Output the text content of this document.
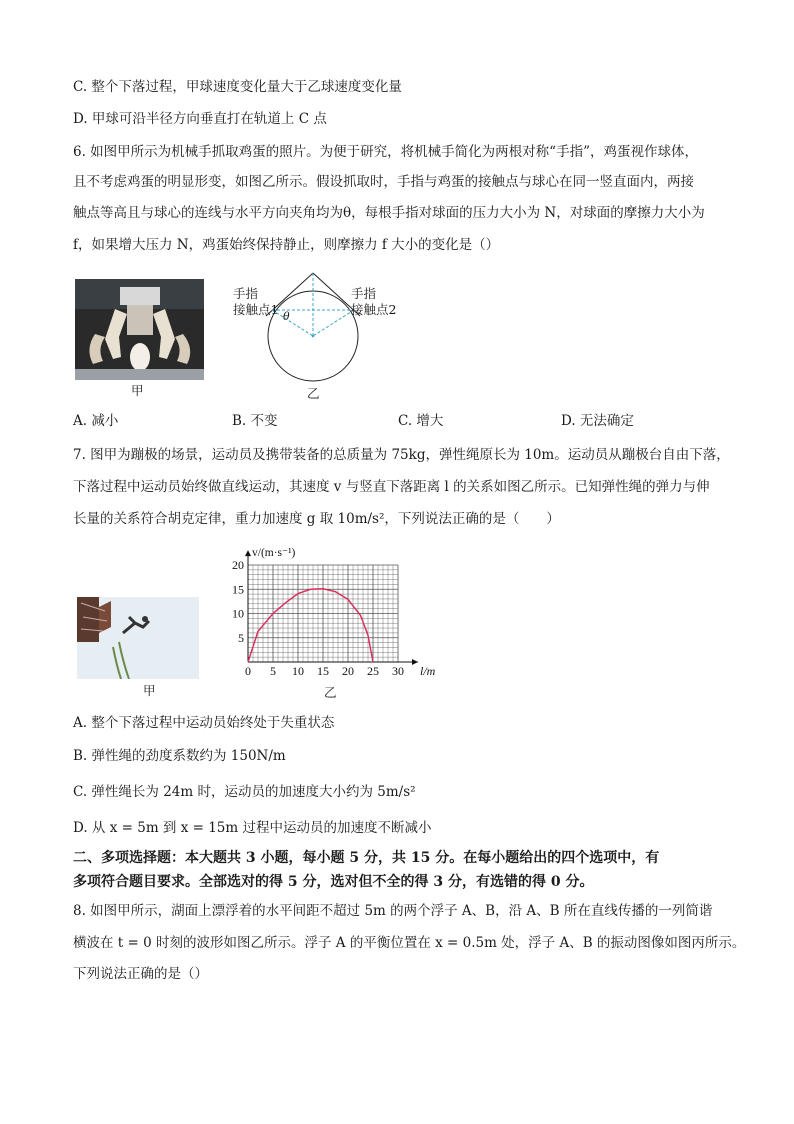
C. 整个下落过程，甲球速度变化量大于乙球速度变化量
D. 甲球可沿半径方向垂直打在轨道上 C 点
6. 如图甲所示为机械手抓取鸡蛋的照片。为便于研究，将机械手简化为两根对称“手指”，鸡蛋视作球体，
且不考虑鸡蛋的明显形变，如图乙所示。假设抓取时，手指与鸡蛋的接触点与球心在同一竖直面内，两接
触点等高且与球心的连线与水平方向夹角均为θ，每根手指对球面的压力大小为 N，对球面的摩擦力大小为
f，如果增大压力 N，鸡蛋始终保持静止，则摩擦力 f 大小的变化是（）
甲
手指
接触点1
手指
接触点2
θ
乙
A. 减小	B. 不变	C. 增大	D. 无法确定
7. 图甲为蹦极的场景，运动员及携带装备的总质量为 75kg，弹性绳原长为 10m。运动员从蹦极台自由下落，
下落过程中运动员始终做直线运动，其速度 v 与竖直下落距离 l 的关系如图乙所示。已知弹性绳的弹力与伸
长量的关系符合胡克定律，重力加速度 g 取 10m/s²，下列说法正确的是（　　）
甲
0 5 10 15 20 25 30
5
10
15
20
v/(m·s⁻¹)
l/m
乙
A. 整个下落过程中运动员始终处于失重状态
B. 弹性绳的劲度系数约为 150N/m
C. 弹性绳长为 24m 时，运动员的加速度大小约为 5m/s²
D. 从 x = 5m 到 x = 15m 过程中运动员的加速度不断减小
二、多项选择题：本大题共 3 小题，每小题 5 分，共 15 分。在每小题给出的四个选项中，有
多项符合题目要求。全部选对的得 5 分，选对但不全的得 3 分，有选错的得 0 分。
8. 如图甲所示，湖面上漂浮着的水平间距不超过 5m 的两个浮子 A、B，沿 A、B 所在直线传播的一列简谐
横波在 t = 0 时刻的波形如图乙所示。浮子 A 的平衡位置在 x = 0.5m 处，浮子 A、B 的振动图像如图丙所示。
下列说法正确的是（）
